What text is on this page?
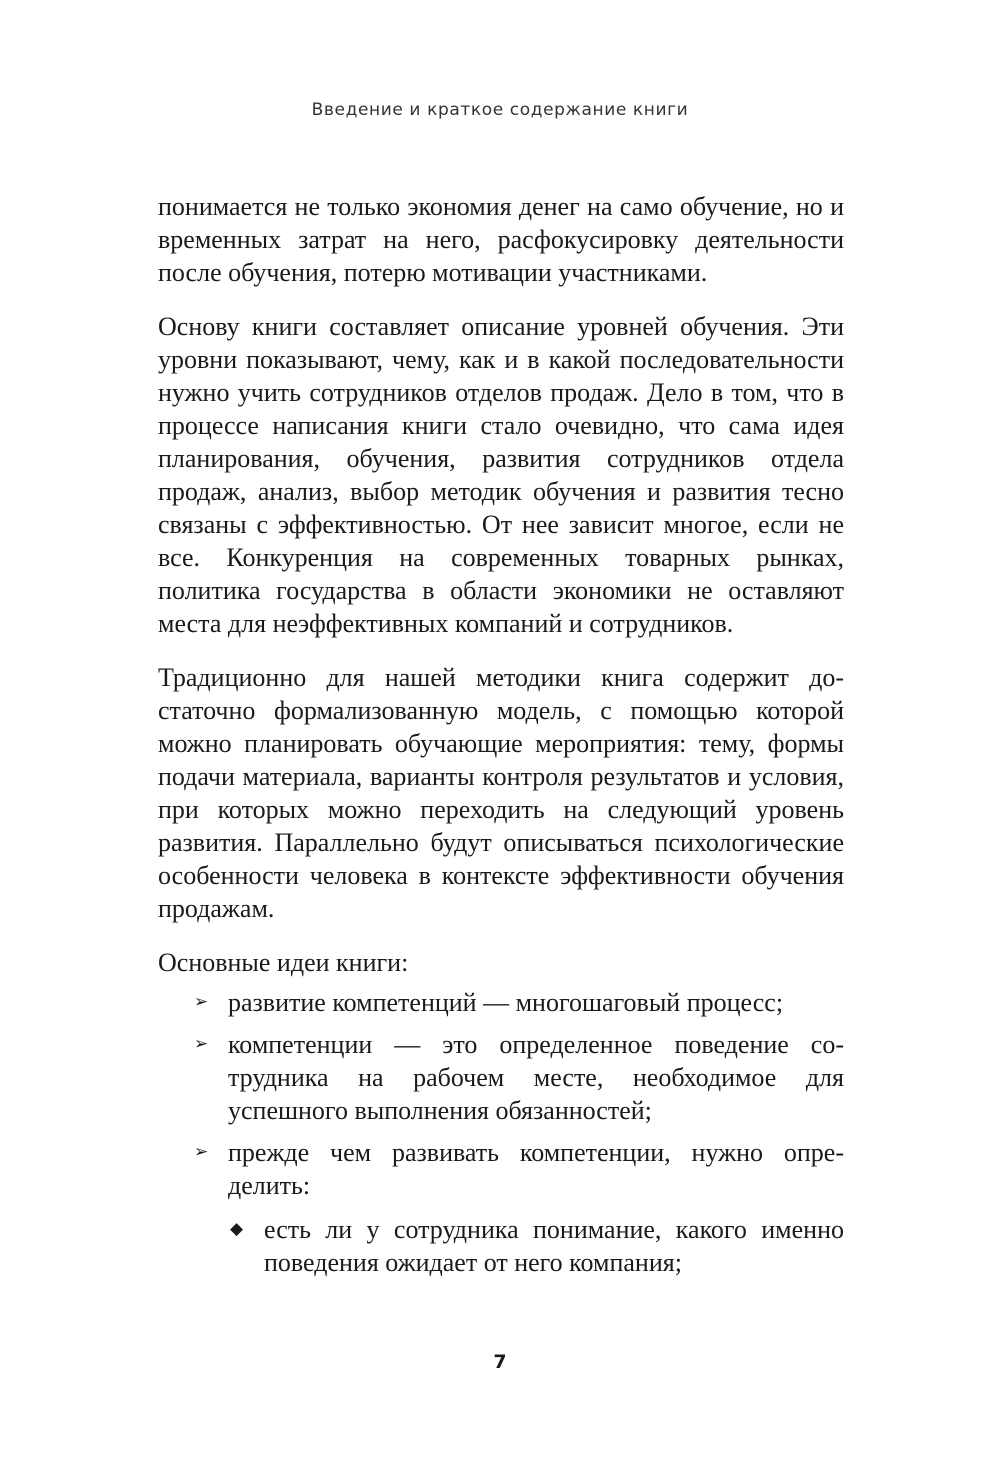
Введение и краткое содержание книги

понимается не только экономия денег на само обучение, но и временных затрат на него, расфокусировку деятельности после обучения, потерю мотивации участниками.

Основу книги составляет описание уровней обучения. Эти уровни показывают, чему, как и в какой последовательности нужно учить сотрудников отделов продаж. Дело в том, что в процессе написания книги стало очевидно, что сама идея планирования, обучения, развития сотрудников отдела продаж, анализ, выбор методик обучения и развития тесно связаны с эффективностью. От нее зависит многое, если не все. Конкуренция на современных товарных рынках, политика государства в области экономики не оставляют места для неэффективных компаний и сотрудников.

Традиционно для нашей методики книга содержит достаточно формализованную модель, с помощью которой можно планировать обучающие мероприятия: тему, формы подачи материала, варианты контроля результатов и условия, при которых можно переходить на следующий уровень развития. Параллельно будут описываться психологические особенности человека в контексте эффективности обучения продажам.

Основные идеи книги:

➢ развитие компетенций — многошаговый процесс;
➢ компетенции — это определенное поведение сотрудника на рабочем месте, необходимое для успешного выполнения обязанностей;
➢ прежде чем развивать компетенции, нужно определить:
◆ есть ли у сотрудника понимание, какого именно поведения ожидает от него компания;
7
